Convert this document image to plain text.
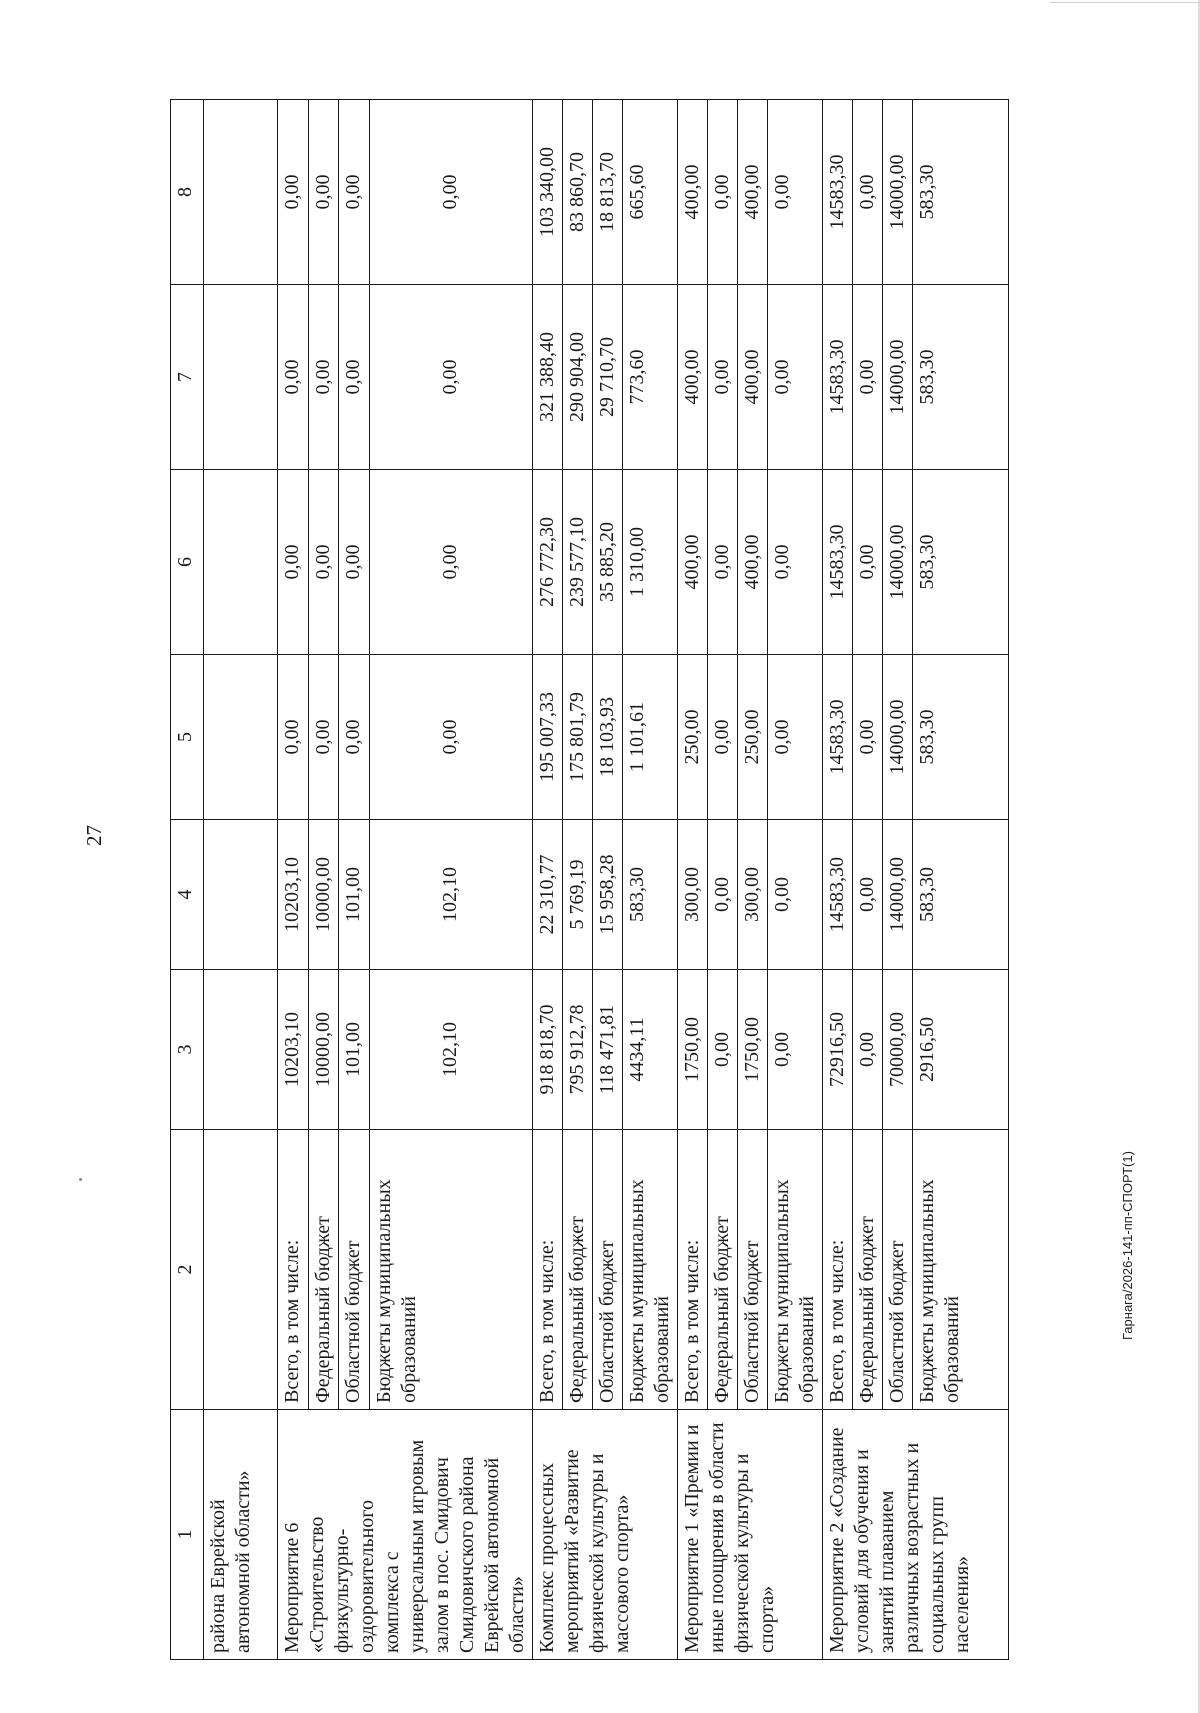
27
Гарнага/2026-141-пп-СПОРТ(1)
1	2	3	4	5	6	7	8
района Еврейской автономной области»							
Мероприятие 6 «Строительство физкультурно-оздоровительного комплекса с универсальным игровым залом в пос. Смидович Смидовичского района Еврейской автономной области»	Всего, в том числе:	10203,10	10203,10	0,00	0,00	0,00	0,00
	Федеральный бюджет	10000,00	10000,00	0,00	0,00	0,00	0,00
	Областной бюджет	101,00	101,00	0,00	0,00	0,00	0,00
	Бюджеты муниципальных образований	102,10	102,10	0,00	0,00	0,00	0,00
Комплекс процессных мероприятий «Развитие физической культуры и массового спорта»	Всего, в том числе:	918 818,70	22 310,77	195 007,33	276 772,30	321 388,40	103 340,00
	Федеральный бюджет	795 912,78	5 769,19	175 801,79	239 577,10	290 904,00	83 860,70
	Областной бюджет	118 471,81	15 958,28	18 103,93	35 885,20	29 710,70	18 813,70
	Бюджеты муниципальных образований	4434,11	583,30	1 101,61	1 310,00	773,60	665,60
Мероприятие 1 «Премии и иные поощрения в области физической культуры и спорта»	Всего, в том числе:	1750,00	300,00	250,00	400,00	400,00	400,00
	Федеральный бюджет	0,00	0,00	0,00	0,00	0,00	0,00
	Областной бюджет	1750,00	300,00	250,00	400,00	400,00	400,00
	Бюджеты муниципальных образований	0,00	0,00	0,00	0,00	0,00	0,00
Мероприятие 2 «Создание условий для обучения и занятий плаванием различных возрастных и социальных групп населения»	Всего, в том числе:	72916,50	14583,30	14583,30	14583,30	14583,30	14583,30
	Федеральный бюджет	0,00	0,00	0,00	0,00	0,00	0,00
	Областной бюджет	70000,00	14000,00	14000,00	14000,00	14000,00	14000,00
	Бюджеты муниципальных образований	2916,50	583,30	583,30	583,30	583,30	583,30
